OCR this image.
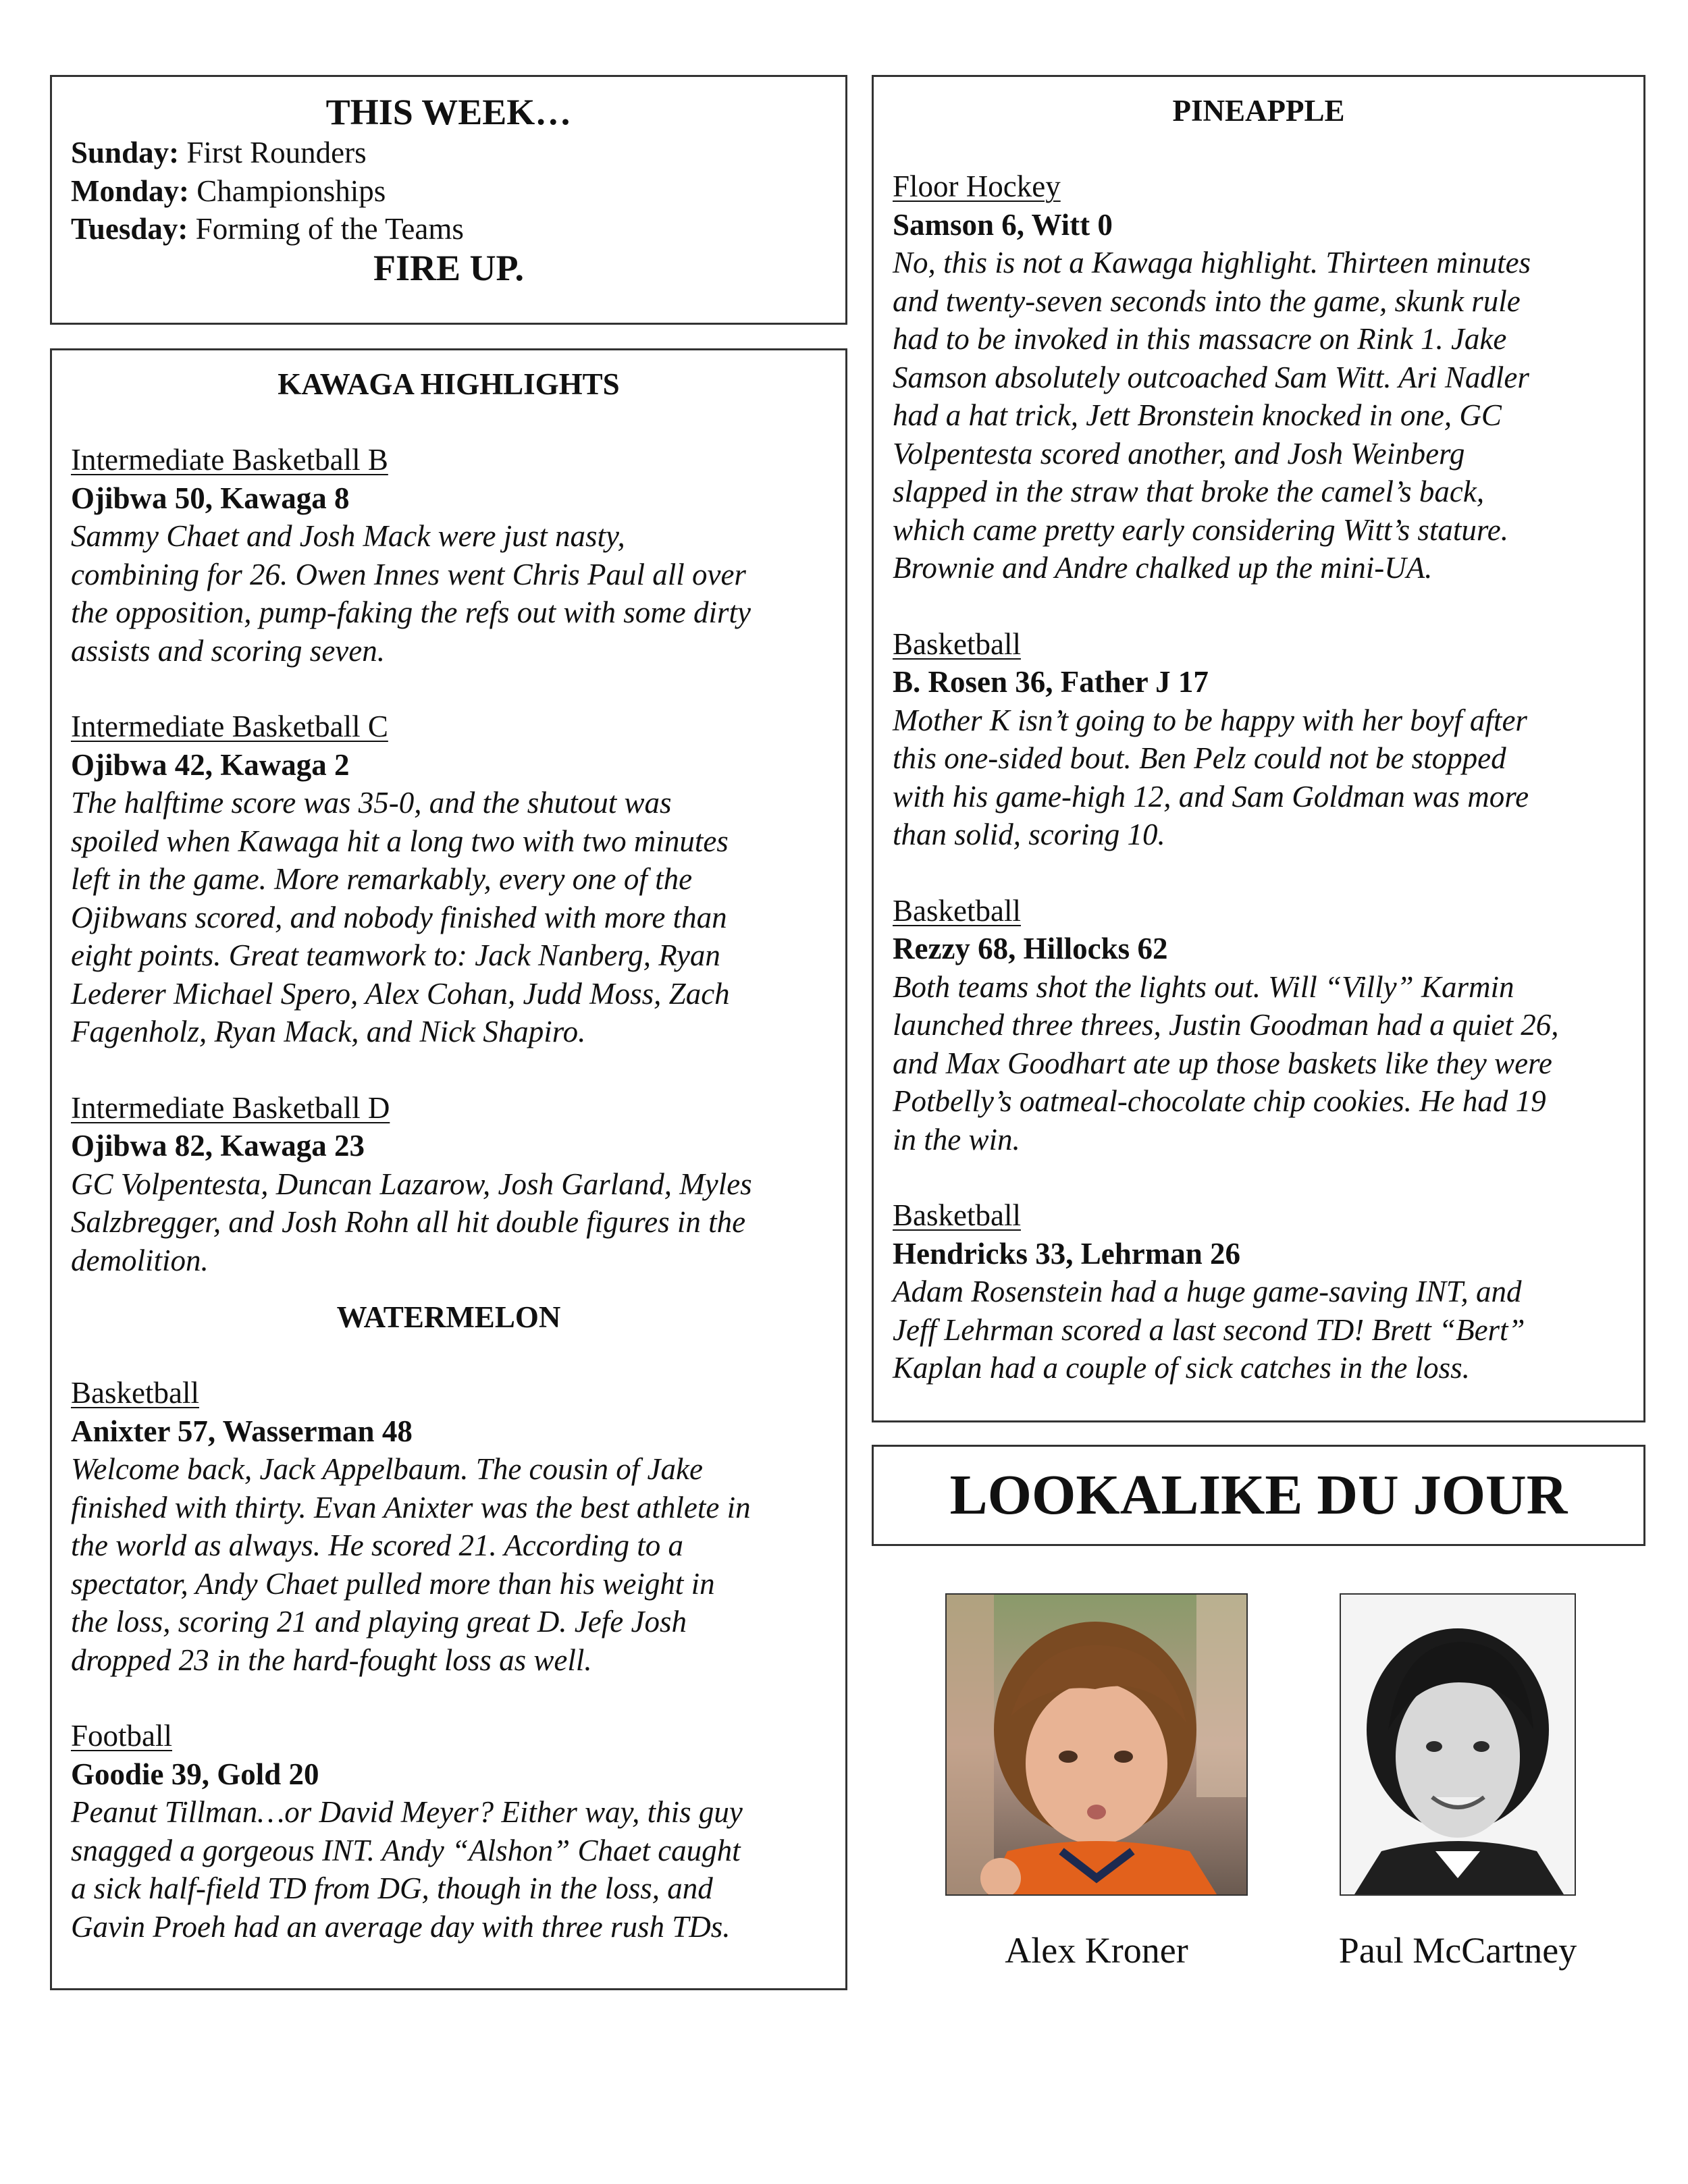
THIS WEEK…

Sunday: First Rounders

Monday: Championships

Tuesday: Forming of the Teams

FIRE UP.

KAWAGA HIGHLIGHTS

Intermediate Basketball B

Ojibwa 50, Kawaga 8

Sammy Chaet and Josh Mack were just nasty,

combining for 26. Owen Innes went Chris Paul all over

the opposition, pump-faking the refs out with some dirty

assists and scoring seven.

Intermediate Basketball C

Ojibwa 42, Kawaga 2

The halftime score was 35-0, and the shutout was

spoiled when Kawaga hit a long two with two minutes

left in the game. More remarkably, every one of the

Ojibwans scored, and nobody finished with more than

eight points. Great teamwork to: Jack Nanberg, Ryan

Lederer Michael Spero, Alex Cohan, Judd Moss, Zach

Fagenholz, Ryan Mack, and Nick Shapiro.

Intermediate Basketball D

Ojibwa 82, Kawaga 23

GC Volpentesta, Duncan Lazarow, Josh Garland, Myles

Salzbregger, and Josh Rohn all hit double figures in the

demolition.

WATERMELON

Basketball

Anixter 57, Wasserman 48

Welcome back, Jack Appelbaum. The cousin of Jake

finished with thirty. Evan Anixter was the best athlete in

the world as always. He scored 21. According to a

spectator, Andy Chaet pulled more than his weight in

the loss, scoring 21 and playing great D. Jefe Josh

dropped 23 in the hard-fought loss as well.

Football

Goodie 39, Gold 20

Peanut Tillman…or David Meyer? Either way, this guy

snagged a gorgeous INT. Andy “Alshon” Chaet caught

a sick half-field TD from DG, though in the loss, and

Gavin Proeh had an average day with three rush TDs.

PINEAPPLE

Floor Hockey

Samson 6, Witt 0

No, this is not a Kawaga highlight. Thirteen minutes

and twenty-seven seconds into the game, skunk rule

had to be invoked in this massacre on Rink 1. Jake

Samson absolutely outcoached Sam Witt. Ari Nadler

had a hat trick, Jett Bronstein knocked in one, GC

Volpentesta scored another, and Josh Weinberg

slapped in the straw that broke the camel’s back,

which came pretty early considering Witt’s stature.

Brownie and Andre chalked up the mini-UA.

Basketball

B. Rosen 36, Father J 17

Mother K isn’t going to be happy with her boyf after

this one-sided bout. Ben Pelz could not be stopped

with his game-high 12, and Sam Goldman was more

than solid, scoring 10.

Basketball

Rezzy 68, Hillocks 62

Both teams shot the lights out. Will “Villy” Karmin

launched three threes, Justin Goodman had a quiet 26,

and Max Goodhart ate up those baskets like they were

Potbelly’s oatmeal-chocolate chip cookies. He had 19

in the win.

Basketball

Hendricks 33, Lehrman 26

Adam Rosenstein had a huge game-saving INT, and

Jeff Lehrman scored a last second TD! Brett “Bert”

Kaplan had a couple of sick catches in the loss.

LOOKALIKE DU JOUR
Alex Kroner	Paul McCartney
